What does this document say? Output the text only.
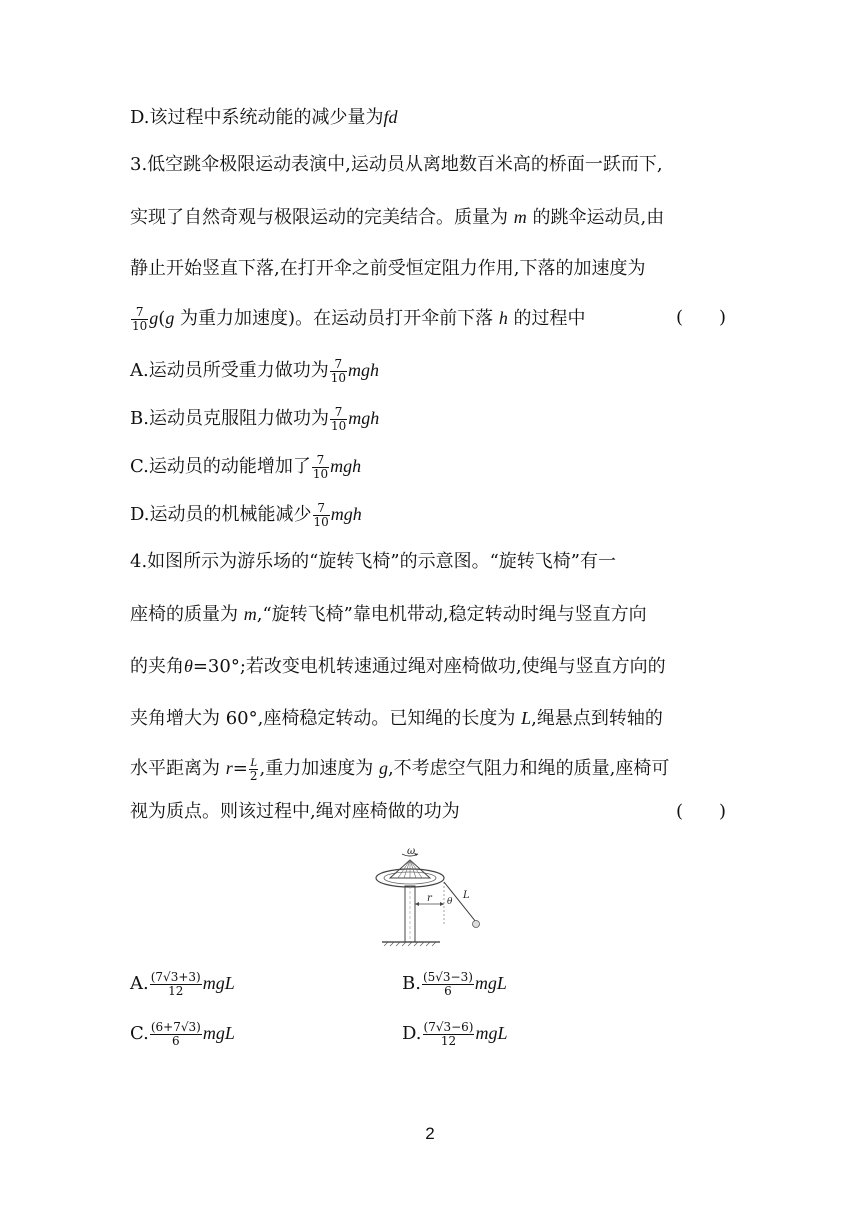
D.该过程中系统动能的减少量为fd
3.低空跳伞极限运动表演中,运动员从离地数百米高的桥面一跃而下,
实现了自然奇观与极限运动的完美结合。质量为 m 的跳伞运动员,由
静止开始竖直下落,在打开伞之前受恒定阻力作用,下落的加速度为
$\frac{7}{10} g(g$ 为重力加速度)。在运动员打开伞前下落 h 的过程中	(　　)
A.运动员所受重力做功为 $\frac{7}{10}$ mgh
B.运动员克服阻力做功为 $\frac{7}{10}$ mgh
C.运动员的动能增加了 $\frac{7}{10}$ mgh
D.运动员的机械能减少 $\frac{7}{10}$ mgh
4.如图所示为游乐场的“旋转飞椅”的示意图。“旋转飞椅”有一
座椅的质量为 m,“旋转飞椅”靠电机带动,稳定转动时绳与竖直方向
的夹角θ=30°;若改变电机转速通过绳对座椅做功,使绳与竖直方向的
夹角增大为 60°,座椅稳定转动。已知绳的长度为 L,绳悬点到转轴的
水平距离为 $r= \frac{L}{2}$ ,重力加速度为 g,不考虑空气阻力和绳的质量,座椅可
视为质点。则该过程中,绳对座椅做的功为	(　　)
ω
r θ
L
A. $\frac{(7√3+3)}{12}$ mgL	B. $\frac{(5√3-3)}{6}$ mgL
C. $\frac{(6+7√3)}{6}$ mgL	D. $\frac{(7√3-6)}{12}$ mgL
2
